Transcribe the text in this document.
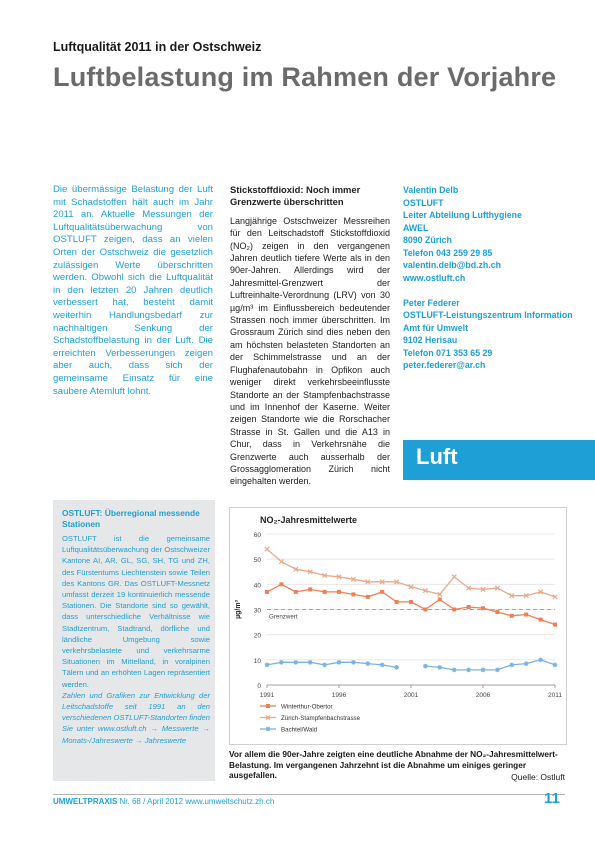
Luftqualität 2011 in der Ostschweiz
Luftbelastung im Rahmen der Vorjahre

Die übermässige Belastung der Luft mit Schadstoffen hält auch im Jahr 2011 an. Aktuelle Messungen der Luftqualitätsüberwachung von OSTLUFT zeigen, dass an vielen Orten der Ostschweiz die gesetzlich zulässigen Werte überschritten werden. Obwohl sich die Luftqualität in den letzten 20 Jahren deutlich verbessert hat, besteht damit weiterhin Handlungsbedarf zur nachhaltigen Senkung der Schadstoffbelastung in der Luft. Die erreichten Verbesserungen zeigen aber auch, dass sich der gemeinsame Einsatz für eine saubere Atemluft lohnt.

Stickstoffdioxid: Noch immer Grenzwerte überschritten

Langjährige Ostschweizer Messreihen für den Leitschadstoff Stickstoffdioxid (NO₂) zeigen in den vergangenen Jahren deutlich tiefere Werte als in den 90er-Jahren. Allerdings wird der Jahresmittel-Grenzwert der Luftreinhalte-Verordnung (LRV) von 30 µg/m³ im Einflussbereich bedeutender Strassen noch immer überschritten. Im Grossraum Zürich sind dies neben den am höchsten belasteten Standorten an der Schimmelstrasse und an der Flughafenautobahn in Opfikon auch weniger direkt verkehrsbeeinflusste Standorte an der Stampfenbachstrasse und im Innenhof der Kaserne. Weiter zeigen Standorte wie die Rorschacher Strasse in St. Gallen und die A13 in Chur, dass in Verkehrsnähe die Grenzwerte auch ausserhalb der Grossagglomeration Zürich nicht eingehalten werden.

Valentin Delb
OSTLUFT
Leiter Abteilung Lufthygiene
AWEL
8090 Zürich
Telefon 043 259 29 85
valentin.delb@bd.zh.ch
www.ostluft.ch
Peter Federer
OSTLUFT-Leistungszentrum Information
Amt für Umwelt
9102 Herisau
Telefon 071 353 65 29
peter.federer@ar.ch
Luft
OSTLUFT: Überregional messende Stationen

OSTLUFT ist die gemeinsame Luftqualitätsüberwachung der Ostschweizer Kantone AI, AR, GL, SG, SH, TG und ZH, des Fürstentums Liechtenstein sowie Teilen des Kantons GR. Das OSTLUFT-Messnetz umfasst derzeit 19 kontinuierlich messende Stationen. Die Standorte sind so gewählt, dass unterschiedliche Verhältnisse wie Stadtzentrum, Stadtrand, dörfliche und ländliche Umgebung sowie verkehrsbelastete und verkehrsarme Situationen im Mittelland, in voralpinen Tälern und an erhöhten Lagen repräsentiert werden.

Zahlen und Grafiken zur Entwicklung der Leitschadstoffe seit 1991 an den verschiedenen OSTLUFT-Standorten finden Sie unter www.ostluft.ch → Messwerte → Monats-/Jahreswerte → Jahreswerte

NO₂-Jahresmittelwerte
0
10
20
30
40
50
60
1991	1996	2001	2006	2011
µg/m³	Grenzwert
Winterthur-Obertor
Zürich-Stampfenbachstrasse
Bachtel/Wald
Vor allem die 90er-Jahre zeigten eine deutliche Abnahme der NO₂-Jahresmittelwert-Belastung. Im vergangenen Jahrzehnt ist die Abnahme um einiges geringer ausgefallen.	Quelle: Ostluft
UMWELTPRAXIS Nr. 68 / April 2012 www.umweltschutz.zh.ch	11
